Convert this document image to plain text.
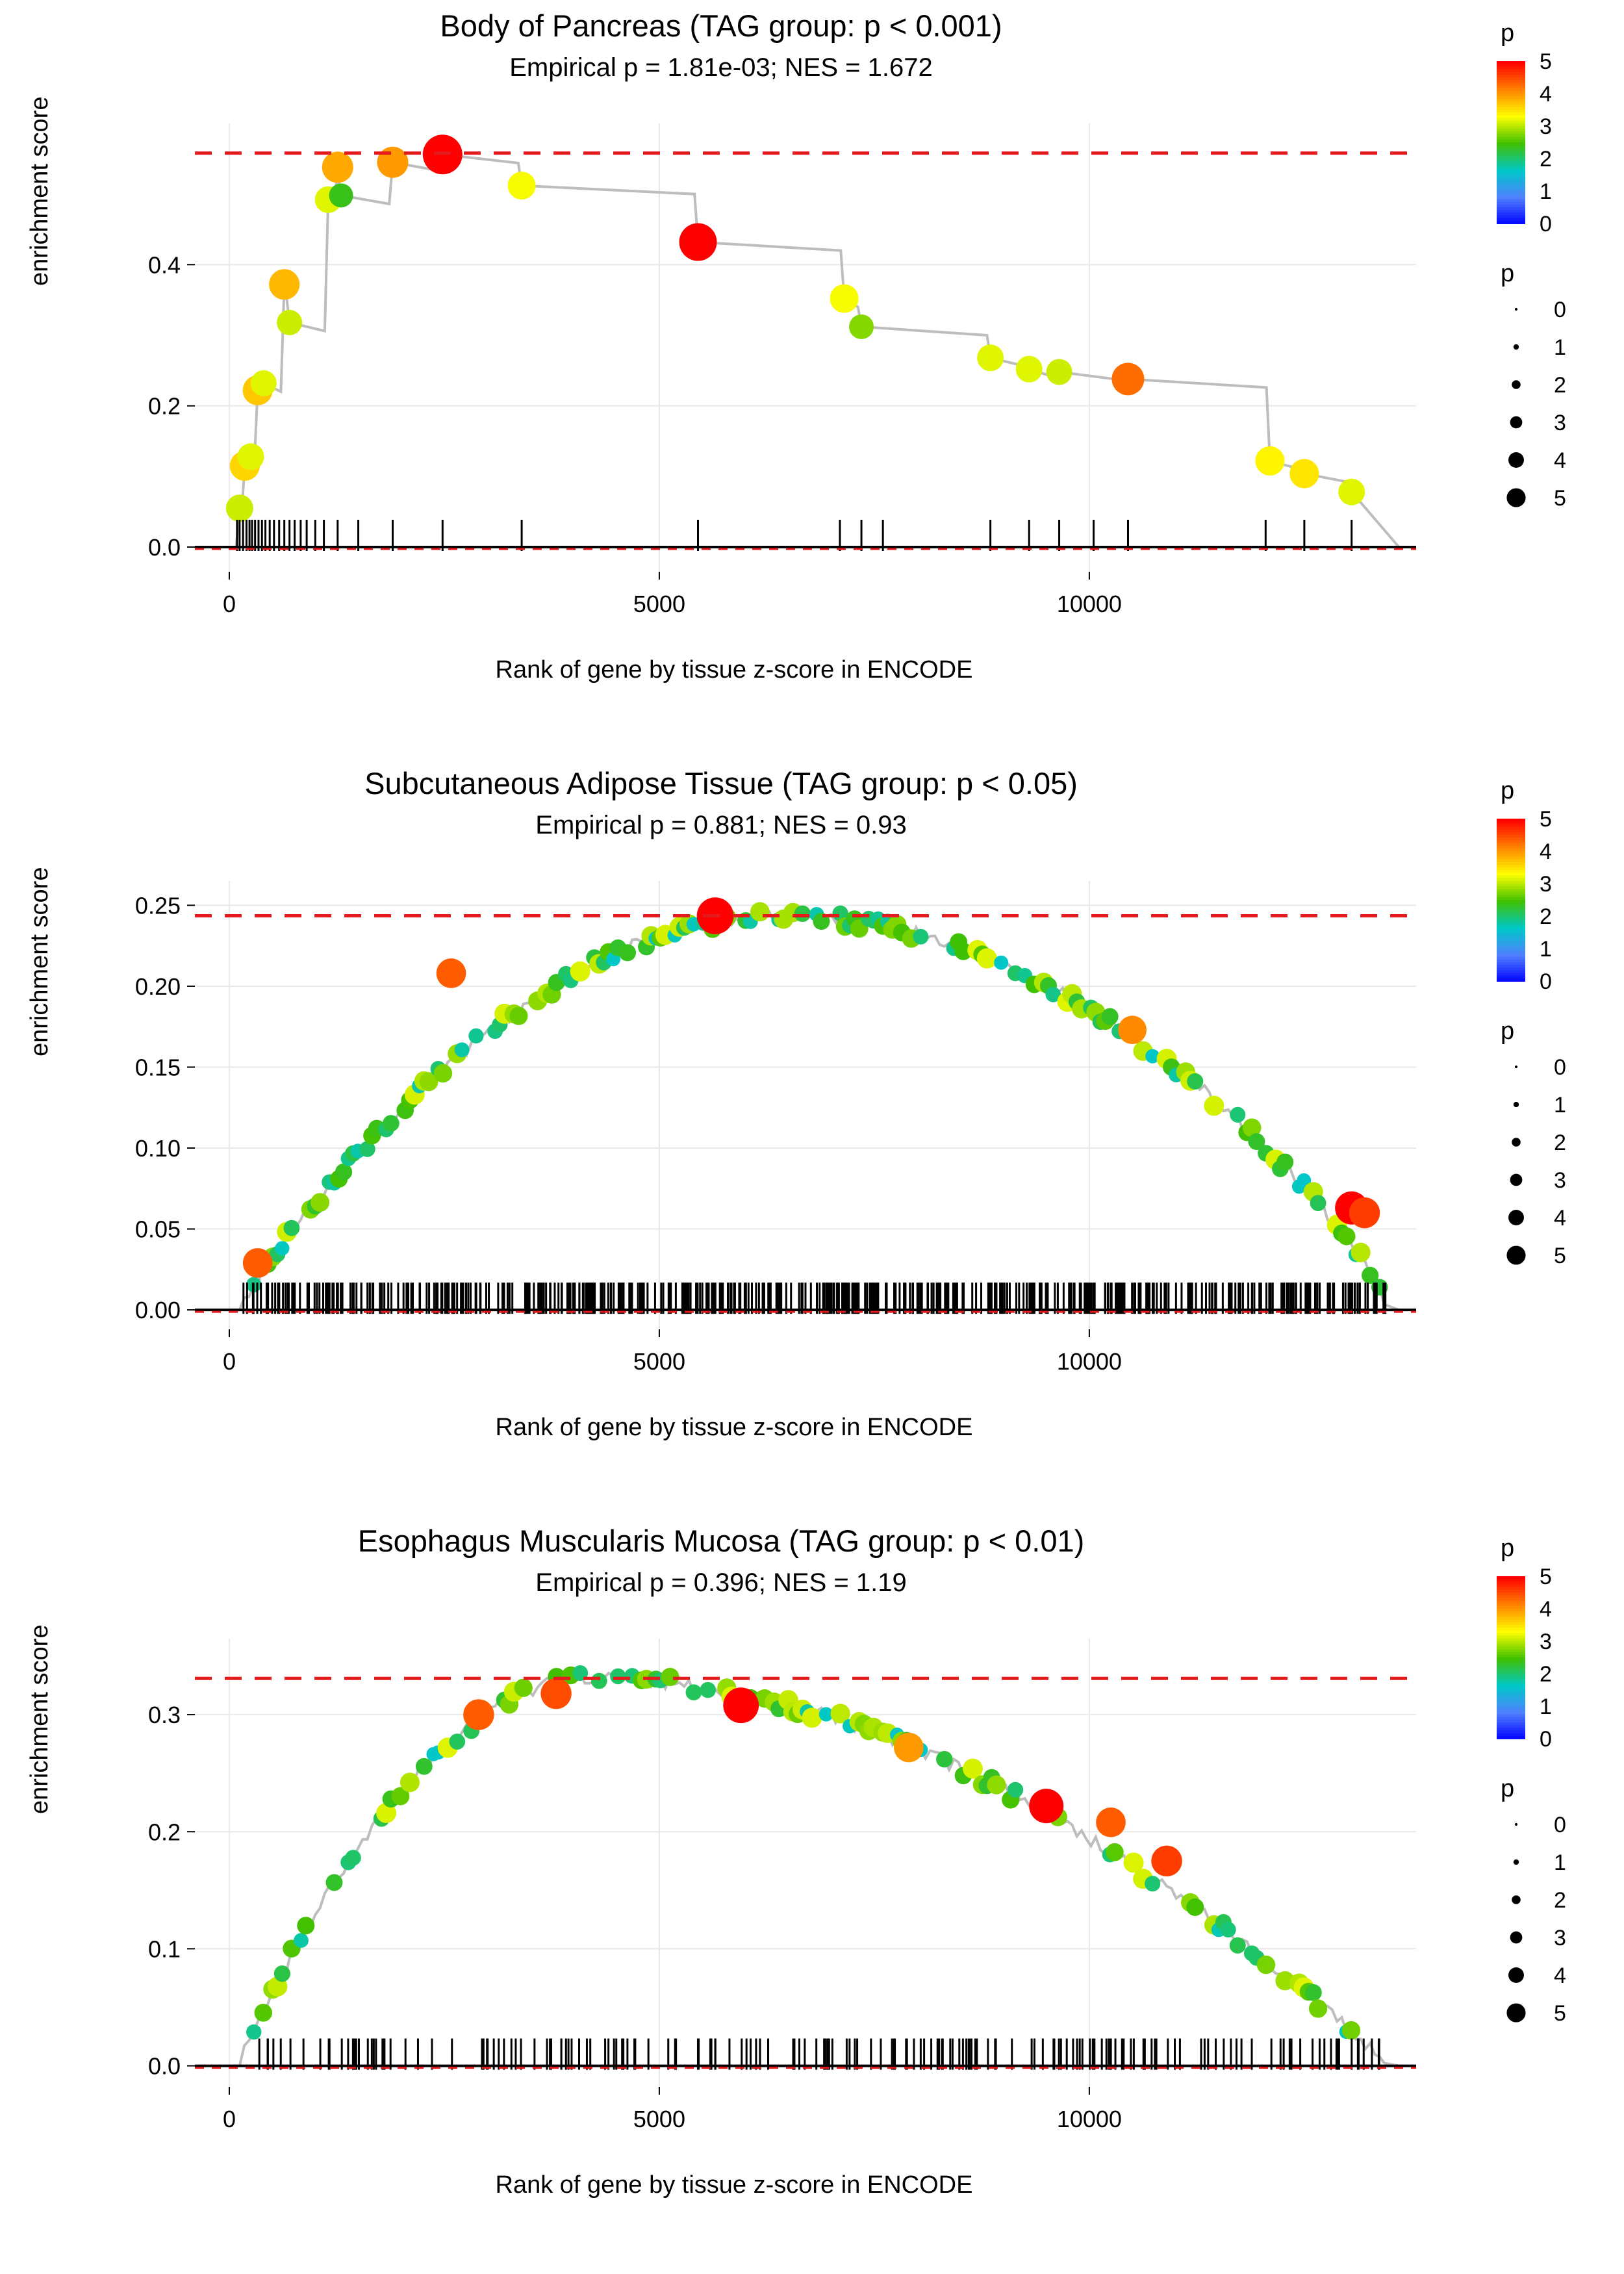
Body of Pancreas (TAG group: p < 0.001)
Empirical p = 1.81e-03; NES = 1.672
enrichment score
0	5000	10000
0.0
0.2
0.4
Rank of gene by tissue z-score in ENCODE
p
p
0
1
2
3
4
5
5
4
3
2
1
0
Subcutaneous Adipose Tissue (TAG group: p < 0.05)
Empirical p = 0.881; NES = 0.93
enrichment score
0	5000	10000
0.00
0.05
0.10
0.15
0.20
0.25
Rank of gene by tissue z-score in ENCODE
p
p
0
1
2
3
4
5
5
4
3
2
1
0
Esophagus Muscularis Mucosa (TAG group: p < 0.01)
Empirical p = 0.396; NES = 1.19
enrichment score
0	5000	10000
0.0
0.1
0.2
0.3
Rank of gene by tissue z-score in ENCODE
p
p
0
1
2
3
4
5
5
4
3
2
1
0
